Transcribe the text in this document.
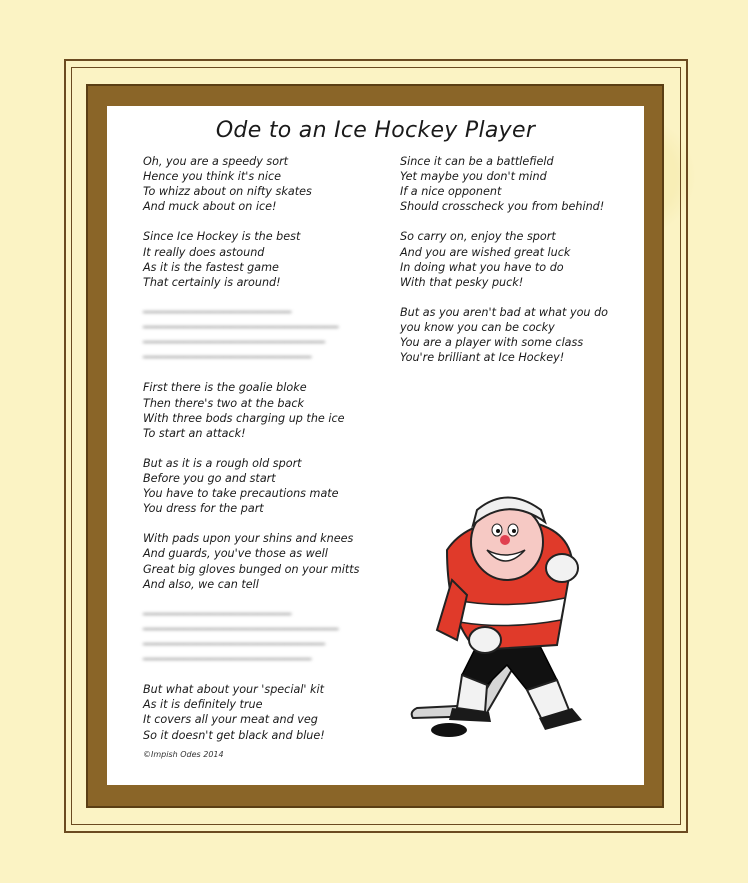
Ode to an Ice Hockey Player
Oh, you are a speedy sort
Hence you think it's nice
To whizz about on nifty skates
And muck about on ice!
Since Ice Hockey is the best
It really does astound
As it is the fastest game
That certainly is around!
──────────────────────
─────────────────────────────
───────────────────────────
─────────────────────────
First there is the goalie bloke
Then there's two at the back
With three bods charging up the ice
To start an attack!
But as it is a rough old sport
Before you go and start
You have to take precautions mate
You dress for the part
With pads upon your shins and knees
And guards, you've those as well
Great big gloves bunged on your mitts
And also, we can tell
──────────────────────
─────────────────────────────
───────────────────────────
─────────────────────────
But what about your 'special' kit
As it is definitely true
It covers all your meat and veg
So it doesn't get black and blue!
Since it can be a battlefield
Yet maybe you don't mind
If a nice opponent
Should crosscheck you from behind!
So carry on, enjoy the sport
And you are wished great luck
In doing what you have to do
With that pesky puck!
But as you aren't bad at what you do
you know you can be cocky
You are a player with some class
You're brilliant at Ice Hockey!
©Impish Odes 2014
